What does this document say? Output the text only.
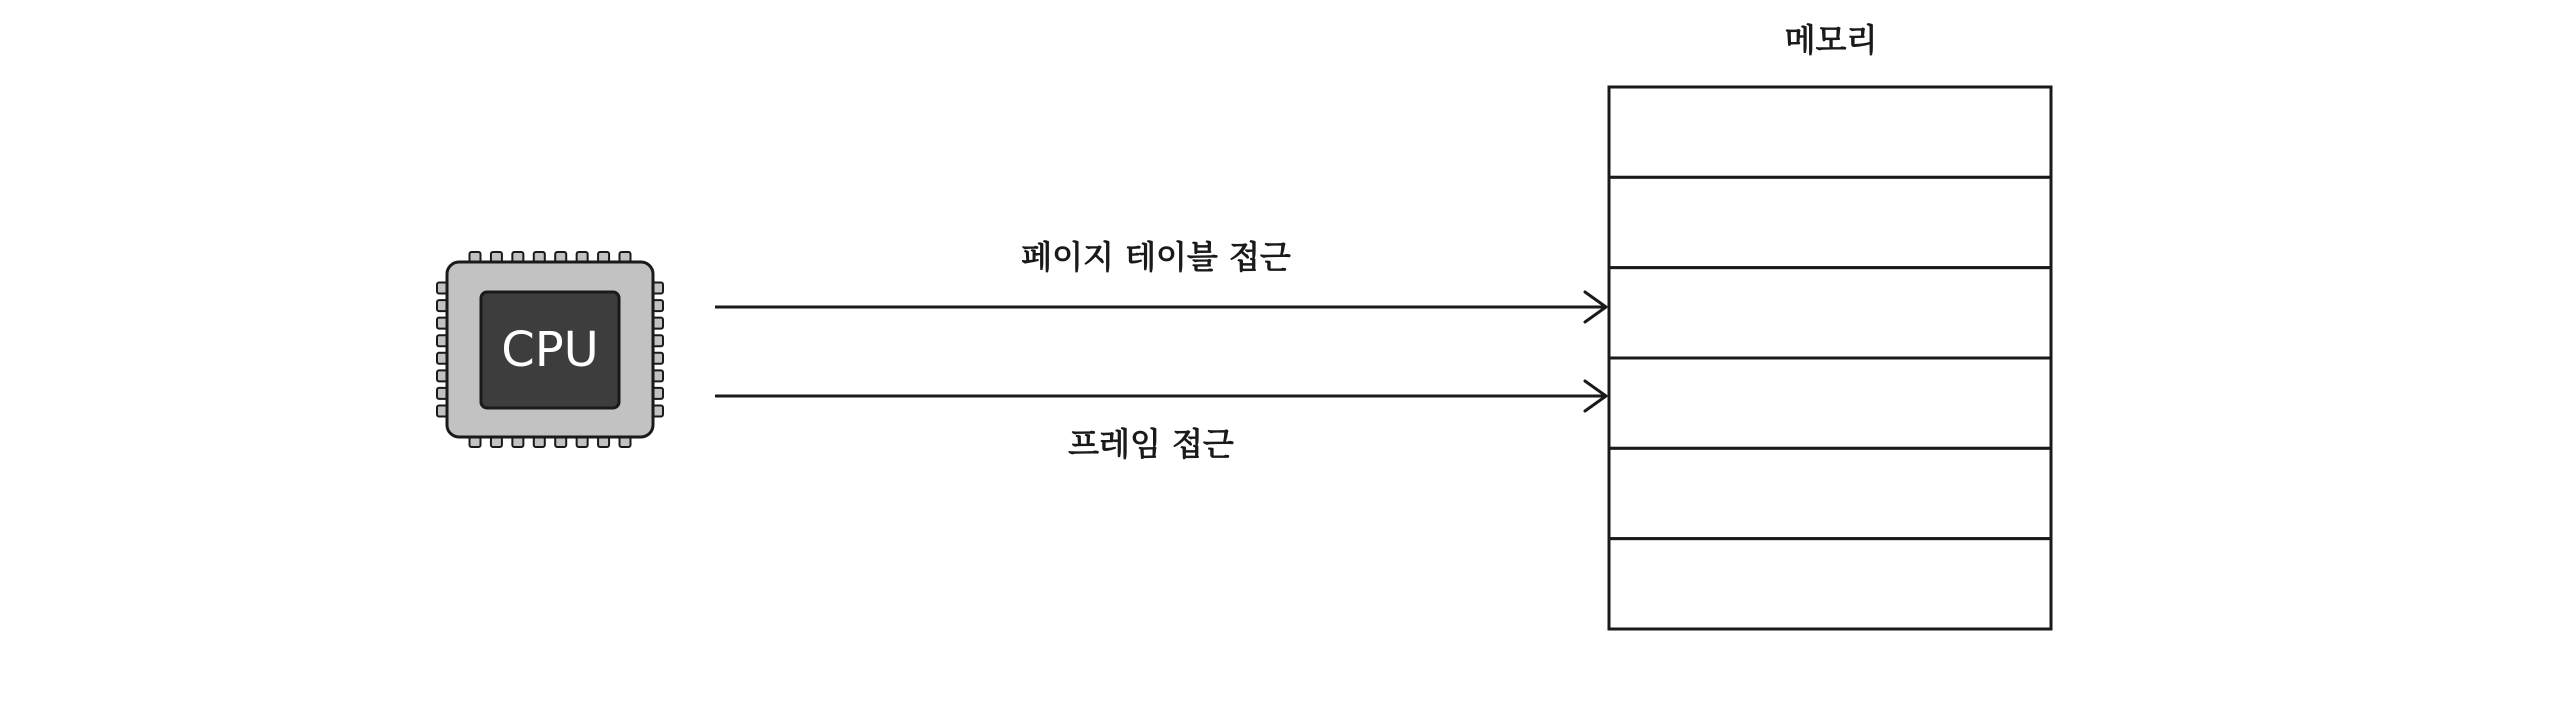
CPU
페이지 테이블 접근
프레임 접근
메모리
